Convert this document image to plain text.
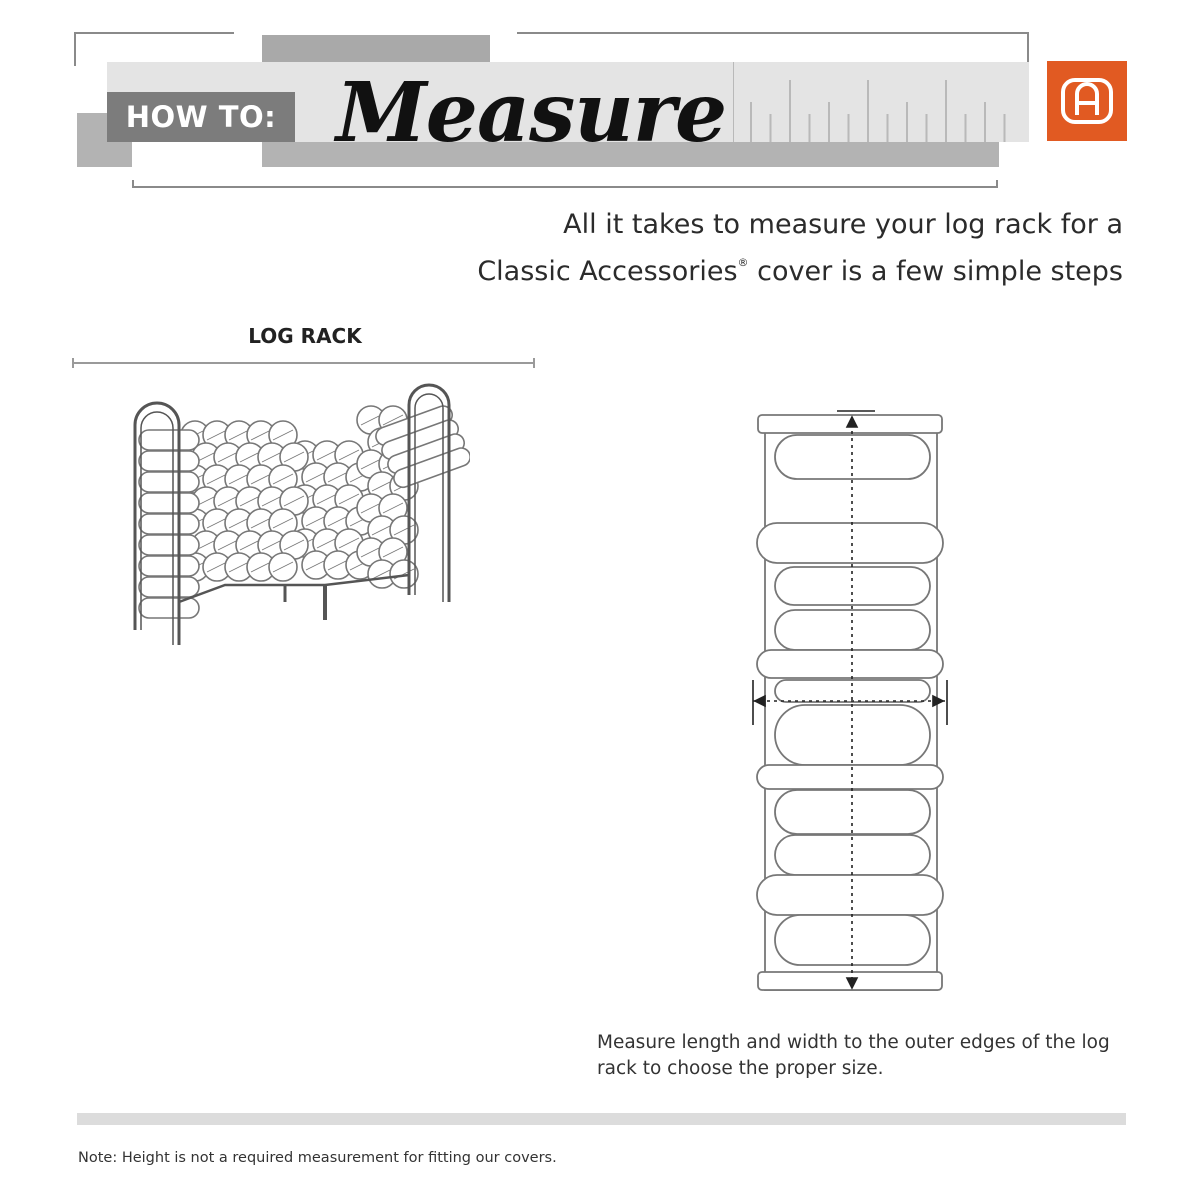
HOW TO: Measure
All it takes to measure your log rack for a
Classic Accessories® cover is a few simple steps
LOG RACK
Measure length and width to the outer edges of the log rack to choose the proper size.
Note: Height is not a required measurement for fitting our covers.
